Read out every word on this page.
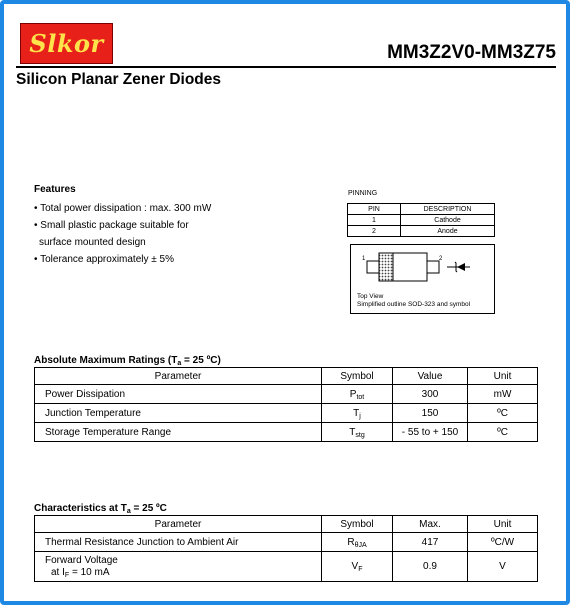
Slkor	MM3Z2V0-MM3Z75
Silicon Planar Zener Diodes
Features
• Total power dissipation : max. 300 mW
• Small plastic package suitable for
surface mounted design
• Tolerance approximately ± 5%
PINNING
PIN	DESCRIPTION
1	Cathode
2	Anode
1	2
Top View
Simplified outline SOD-323 and symbol
Absolute Maximum Ratings ($T_a = 25$ ºC)
Parameter	Symbol	Value	Unit
Power Dissipation	$P_{tot}$	300	mW
Junction Temperature	$T_j$	150	ºC
Storage Temperature Range	$T_{stg}$	- 55 to + 150	ºC
Characteristics at $T_a = 25$ ºC
Parameter	Symbol	Max.	Unit
Thermal Resistance Junction to Ambient Air	$R_{\theta JA}$	417	ºC/W

Forward Voltage
at $I_F = 10$ mA	$V_F$	0.9	V
